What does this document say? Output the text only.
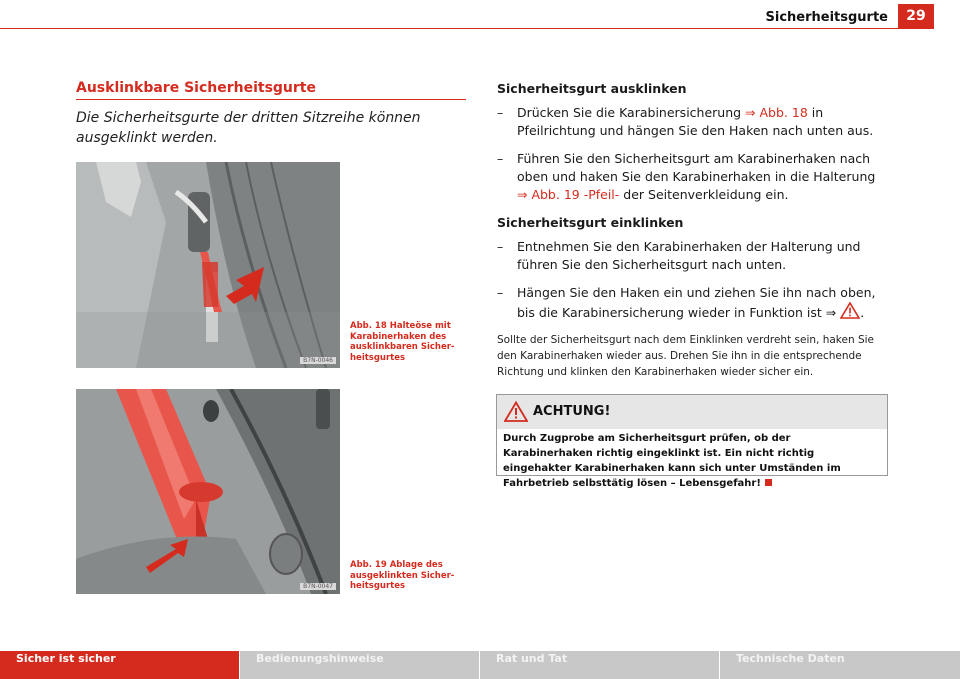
Sicherheitsgurte	29
Ausklinkbare Sicherheitsgurte
Die Sicherheitsgurte der dritten Sitzreihe können ausgeklinkt werden.
B7N-0046
Abb. 18 Halteöse mit Karabinerhaken des ausklinkbaren Sicher-heitsgurtes
B7N-0047
Abb. 19 Ablage des ausgeklinkten Sicher-heitsgurtes
Sicherheitsgurt ausklinken
– Drücken Sie die Karabinersicherung ⇒ Abb. 18 in Pfeilrichtung und hängen Sie den Haken nach unten aus.
– Führen Sie den Sicherheitsgurt am Karabinerhaken nach oben und haken Sie den Karabinerhaken in die Halterung ⇒ Abb. 19 -Pfeil- der Seitenverkleidung ein.
Sicherheitsgurt einklinken
– Entnehmen Sie den Karabinerhaken der Halterung und führen Sie den Sicherheitsgurt nach unten.
– Hängen Sie den Haken ein und ziehen Sie ihn nach oben, bis die Karabinersicherung wieder in Funktion ist ⇒ .
Sollte der Sicherheitsgurt nach dem Einklinken verdreht sein, haken Sie den Karabinerhaken wieder aus. Drehen Sie ihn in die entsprechende Richtung und klinken den Karabinerhaken wieder sicher ein.
ACHTUNG!
Durch Zugprobe am Sicherheitsgurt prüfen, ob der Karabinerhaken richtig eingeklinkt ist. Ein nicht richtig eingehakter Karabinerhaken kann sich unter Umständen im Fahrbetrieb selbsttätig lösen – Lebensgefahr!
Sicher ist sicher	Bedienungshinweise	Rat und Tat	Technische Daten
